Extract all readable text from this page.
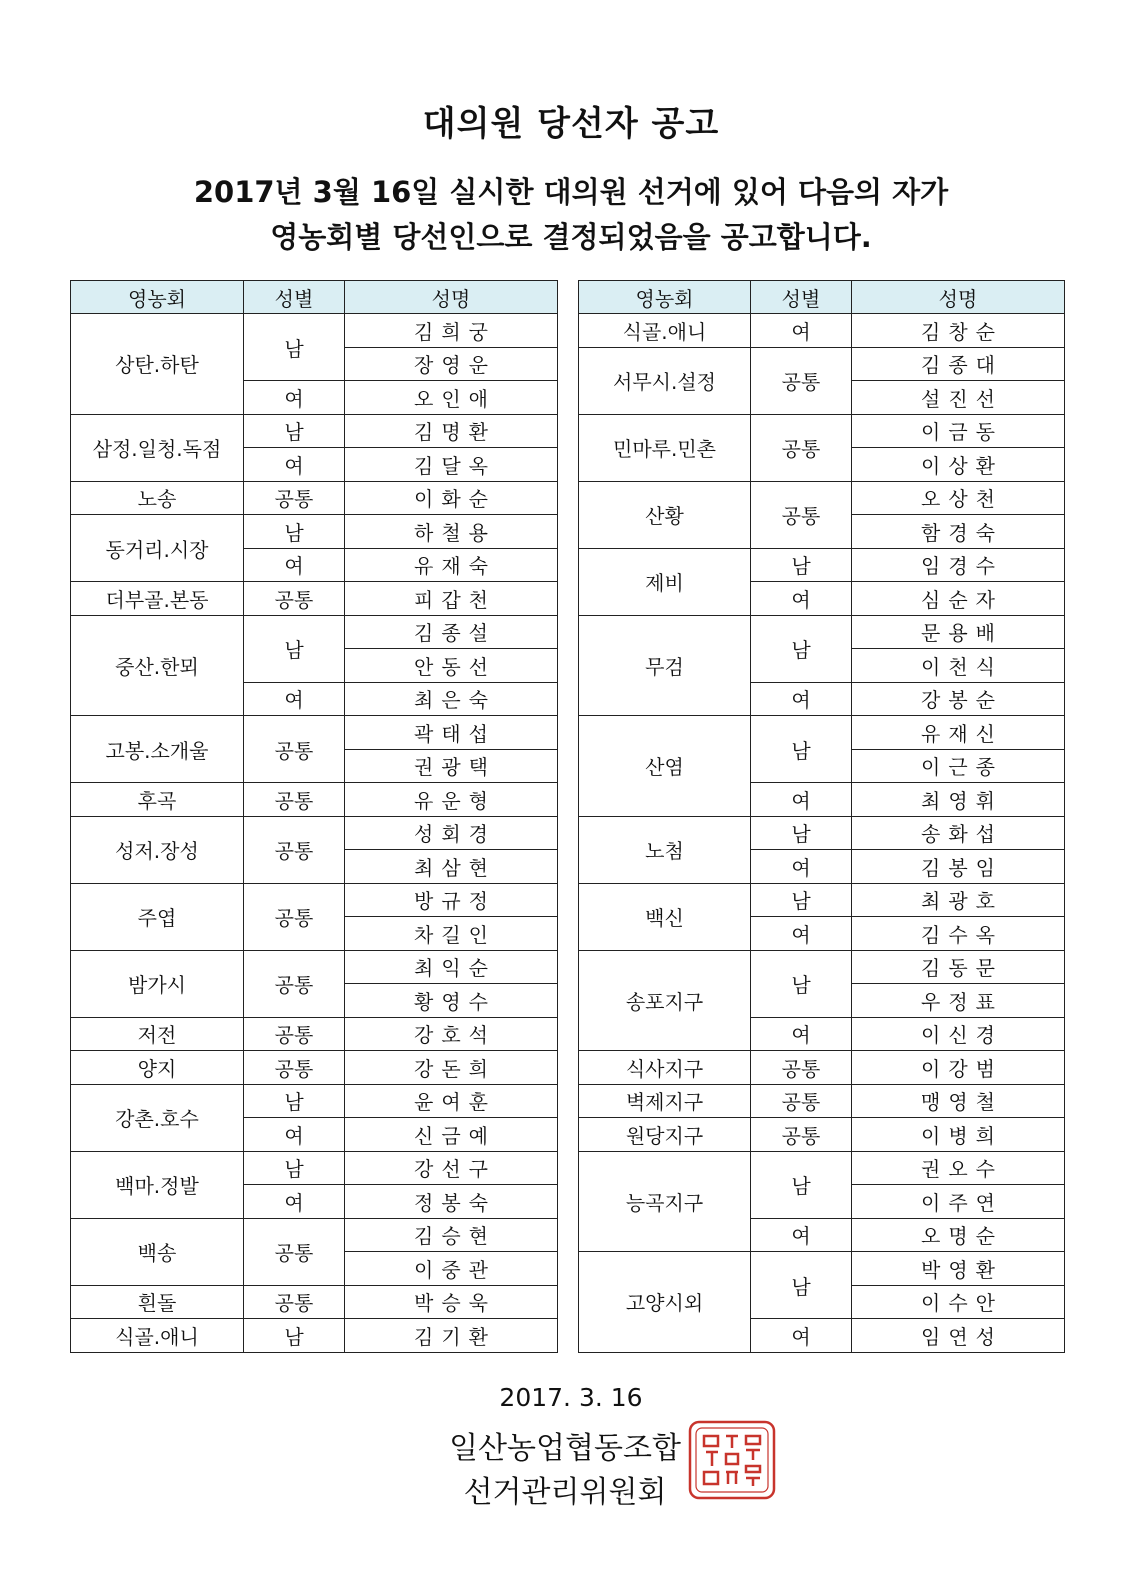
대의원 당선자 공고
2017년 3월 16일 실시한 대의원 선거에 있어 다음의 자가
영농회별 당선인으로 결정되었음을 공고합니다.
영농회	성별	성명
상탄.하탄	남	김희궁
		장영운
	여	오인애
삼정.일청.독점	남	김명환
	여	김달옥
노송	공통	이화순
동거리.시장	남	하철용
	여	유재숙
더부골.본동	공통	피갑천
중산.한뫼	남	김종설
		안동선
	여	최은숙
고봉.소개울	공통	곽태섭
		권광택
후곡	공통	유운형
성저.장성	공통	성회경
		최삼현
주엽	공통	방규정
		차길인
밤가시	공통	최익순
		황영수
저전	공통	강호석
양지	공통	강돈희
강촌.호수	남	윤여훈
	여	신금예
백마.정발	남	강선구
	여	정봉숙
백송	공통	김승현
		이중관
흰돌	공통	박승욱
식골.애니	남	김기환
영농회	성별	성명
식골.애니	여	김창순
서무시.설정	공통	김종대
		설진선
민마루.민촌	공통	이금동
		이상환
산황	공통	오상천
		함경숙
제비	남	임경수
	여	심순자
무검	남	문용배
		이천식
	여	강봉순
산염	남	유재신
		이근종
	여	최영휘
노첨	남	송화섭
	여	김봉임
백신	남	최광호
	여	김수옥
송포지구	남	김동문
		우정표
	여	이신경
식사지구	공통	이강범
벽제지구	공통	맹영철
원당지구	공통	이병희
능곡지구	남	권오수
		이주연
	여	오명순
고양시외	남	박영환
		이수안
	여	임연성
2017. 3. 16
일산농업협동조합
선거관리위원회
